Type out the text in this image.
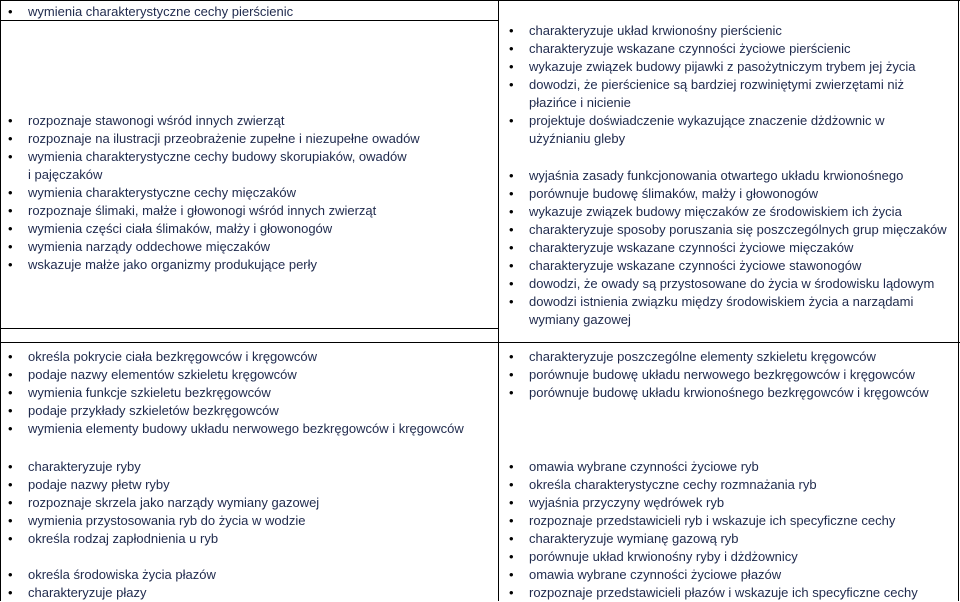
• wymienia charakterystyczne cechy pierścienic
• rozpoznaje stawonogi wśród innych zwierząt
• rozpoznaje na ilustracji przeobrażenie zupełne i niezupełne owadów
• wymienia charakterystyczne cechy budowy skorupiaków, owadów
i pajęczaków
• wymienia charakterystyczne cechy mięczaków
• rozpoznaje ślimaki, małże i głowonogi wśród innych zwierząt
• wymienia części ciała ślimaków, małży i głowonogów
• wymienia narządy oddechowe mięczaków
• wskazuje małże jako organizmy produkujące perły
• określa pokrycie ciała bezkręgowców i kręgowców
• podaje nazwy elementów szkieletu kręgowców
• wymienia funkcje szkieletu bezkręgowców
• podaje przykłady szkieletów bezkręgowców
• wymienia elementy budowy układu nerwowego bezkręgowców i kręgowców
• charakteryzuje ryby
• podaje nazwy płetw ryby
• rozpoznaje skrzela jako narządy wymiany gazowej
• wymienia przystosowania ryb do życia w wodzie
• określa rodzaj zapłodnienia u ryb
• określa środowiska życia płazów
• charakteryzuje płazy
• charakteryzuje układ krwionośny pierścienic
• charakteryzuje wskazane czynności życiowe pierścienic
• wykazuje związek budowy pijawki z pasożytniczym trybem jej życia
• dowodzi, że pierścienice są bardziej rozwiniętymi zwierzętami niż
płazińce i nicienie
• projektuje doświadczenie wykazujące znaczenie dżdżownic w
użyźnianiu gleby
• wyjaśnia zasady funkcjonowania otwartego układu krwionośnego
• porównuje budowę ślimaków, małży i głowonogów
• wykazuje związek budowy mięczaków ze środowiskiem ich życia
• charakteryzuje sposoby poruszania się poszczególnych grup mięczaków
• charakteryzuje wskazane czynności życiowe mięczaków
• charakteryzuje wskazane czynności życiowe stawonogów
• dowodzi, że owady są przystosowane do życia w środowisku lądowym
• dowodzi istnienia związku między środowiskiem życia a narządami
wymiany gazowej
• charakteryzuje poszczególne elementy szkieletu kręgowców
• porównuje budowę układu nerwowego bezkręgowców i kręgowców
• porównuje budowę układu krwionośnego bezkręgowców i kręgowców
• omawia wybrane czynności życiowe ryb
• określa charakterystyczne cechy rozmnażania ryb
• wyjaśnia przyczyny wędrówek ryb
• rozpoznaje przedstawicieli ryb i wskazuje ich specyficzne cechy
• charakteryzuje wymianę gazową ryb
• porównuje układ krwionośny ryby i dżdżownicy
• omawia wybrane czynności życiowe płazów
• rozpoznaje przedstawicieli płazów i wskazuje ich specyficzne cechy
